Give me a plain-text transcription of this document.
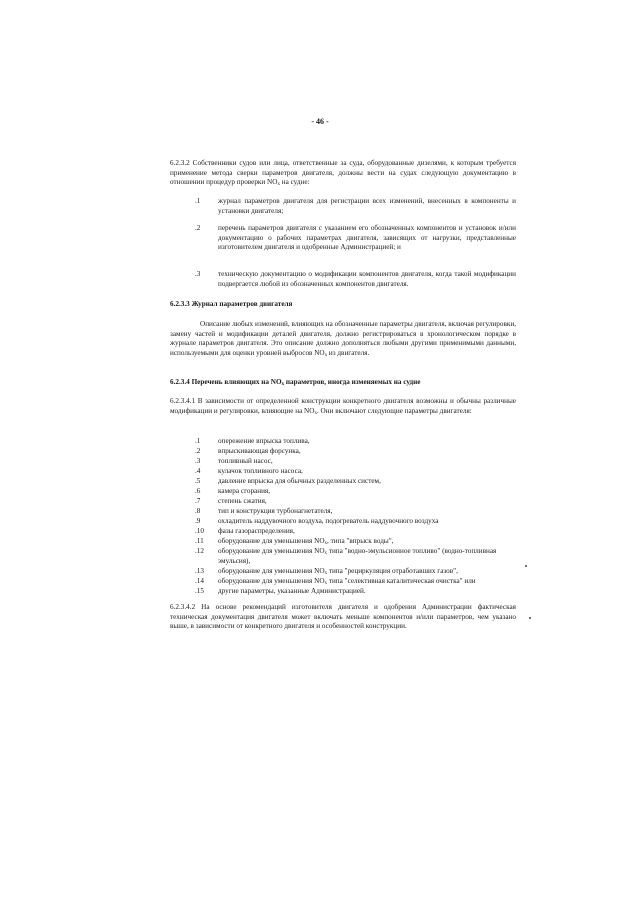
- 46 -
6.2.3.2 Собственники судов или лица, ответственные за суда, оборудованные дизелями, к которым требуется применение метода сверки параметров двигателя, должны вести на судах следующую документацию в отношении процедур проверки $NO_x$ на судне:
.1	журнал параметров двигателя для регистрации всех изменений, внесенных в компоненты и установки двигателя;
.2	перечень параметров двигателя с указанием его обозначенных компонентов и установок и/или документацию о рабочих параметрах двигателя, зависящих от нагрузки, представленные изготовителем двигателя и одобренные Администрацией; и
.3	техническую документацию о модификации компонентов двигателя, когда такой модификации подвергается любой из обозначенных компонентов двигателя.
6.2.3.3 Журнал параметров двигателя
Описание любых изменений, влияющих на обозначенные параметры двигателя, включая регулировки, замену частей и модификации деталей двигателя, должно регистрироваться в хронологическом порядке в журнале параметров двигателя. Это описание должно дополняться любыми другими применимыми данными, используемыми для оценки уровней выбросов $NO_x$ из двигателя.
6.2.3.4 Перечень влияющих на $NO_x$ параметров, иногда изменяемых на судне
6.2.3.4.1 В зависимости от определенной конструкции конкретного двигателя возможны и обычны различные модификации и регулировки, влияющие на $NO_x$. Они включают следующие параметры двигателя:
.1	опережение впрыска топлива,
.2	впрыскивающая форсунка,
.3	топливный насос,
.4	кулачок топливного насоса,
.5	давление впрыска для обычных разделенных систем,
.6	камера сгорания,
.7	степень сжатия,
.8	тип и конструкция турбонагнетателя,
.9	охладитель наддувочного воздуха, подогреватель наддувочного воздуха
.10	фазы газораспределения,
.11	оборудование для уменьшения $NO_x$, типа "впрыск воды",
.12	оборудование для уменьшения $NO_x$ типа "водно-эмульсионное топливо" (водно-топливная эмульсия),
.13	оборудование для уменьшения $NO_x$ типа "рециркуляция отработавших газов",
.14	оборудование для уменьшения $NO_x$ типа "селективная каталитическая очистка" или
.15	другие параметры, указанные Администрацией.
6.2.3.4.2 На основе рекомендаций изготовителя двигателя и одобрения Администрации фактическая техническая документация двигателя может включать меньше компонентов и/или параметров, чем указано выше, в зависимости от конкретного двигателя и особенностей конструкции.
